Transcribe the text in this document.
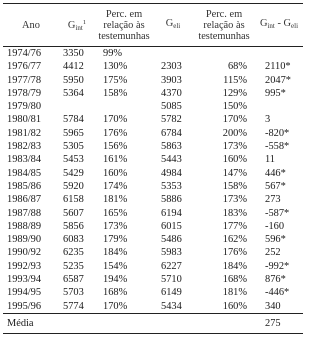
Ano	$G_{int}^1$	Perc. em relação às testemunhas	$G_{eli}$	Perc. em relação às testemunhas	$G_{int} - G_{eli}$
1974/76	3350	99%			
1976/77	4412	130%	2303	68%	2110*
1977/78	5950	175%	3903	115%	2047*
1978/79	5364	158%	4370	129%	995*
1979/80			5085	150%	
1980/81	5784	170%	5782	170%	3
1981/82	5965	176%	6784	200%	-820*
1982/83	5305	156%	5863	173%	-558*
1983/84	5453	161%	5443	160%	11
1984/85	5429	160%	4984	147%	446*
1985/86	5920	174%	5353	158%	567*
1986/87	6158	181%	5886	173%	273
1987/88	5607	165%	6194	183%	-587*
1988/89	5856	173%	6015	177%	-160
1989/90	6083	179%	5486	162%	596*
1990/92	6235	184%	5983	176%	252
1992/93	5235	154%	6227	184%	-992*
1993/94	6587	194%	5710	168%	876*
1994/95	5703	168%	6149	181%	-446*
1995/96	5774	170%	5434	160%	340
Média					275
